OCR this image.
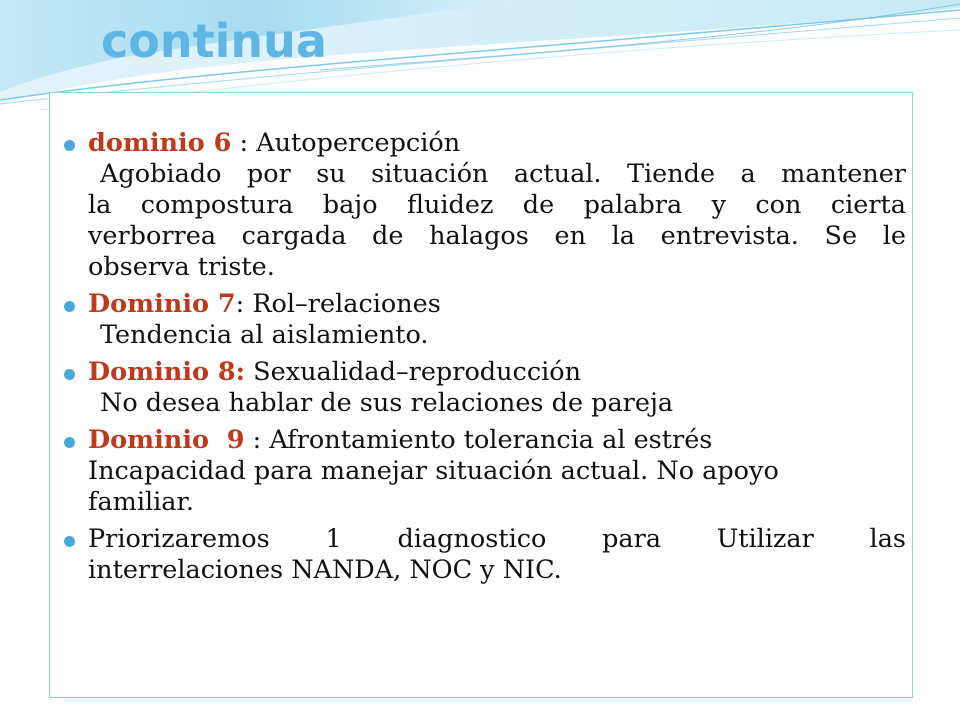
continua
dominio 6 : Autopercepción
Agobiado por su situación actual. Tiende a mantener
la compostura bajo fluidez de palabra y con cierta
verborrea cargada de halagos en la entrevista. Se le
observa triste.
Dominio 7: Rol–relaciones
Tendencia al aislamiento.
Dominio 8: Sexualidad–reproducción
No desea hablar de sus relaciones de pareja
Dominio  9 : Afrontamiento tolerancia al estrés
Incapacidad para manejar situación actual. No apoyo
familiar.
Priorizaremos 1 diagnostico para Utilizar las
interrelaciones NANDA, NOC y NIC.
